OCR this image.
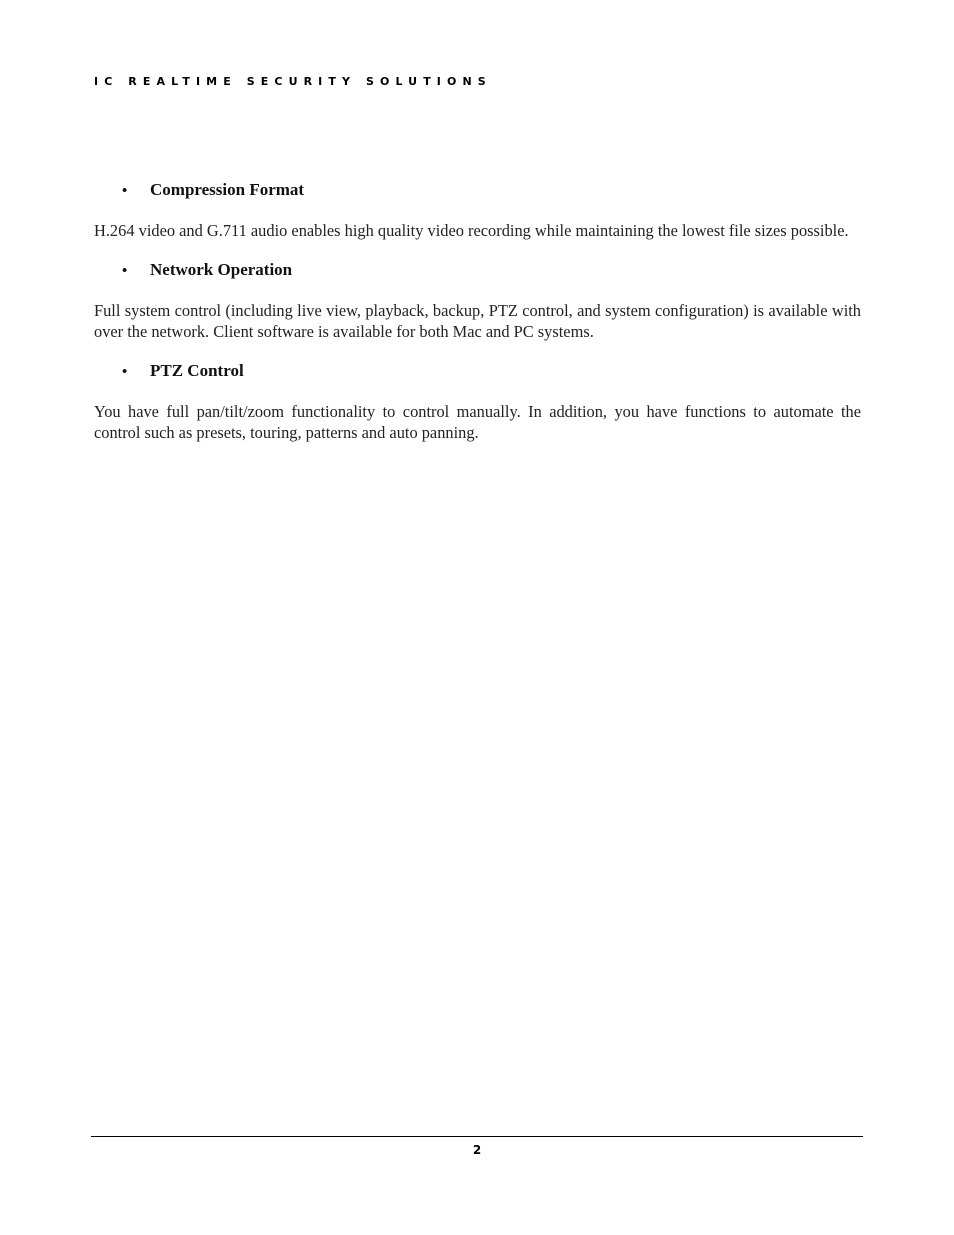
IC REALTIME SECURITY SOLUTIONS
•	Compression Format

H.264 video and G.711 audio enables high quality video recording while maintaining the lowest file sizes possible.

•	Network Operation

Full system control (including live view, playback, backup, PTZ control, and system configuration) is available with over the network. Client software is available for both Mac and PC systems.

•	PTZ Control

You have full pan/tilt/zoom functionality to control manually. In addition, you have functions to automate the control such as presets, touring, patterns and auto panning.

2
